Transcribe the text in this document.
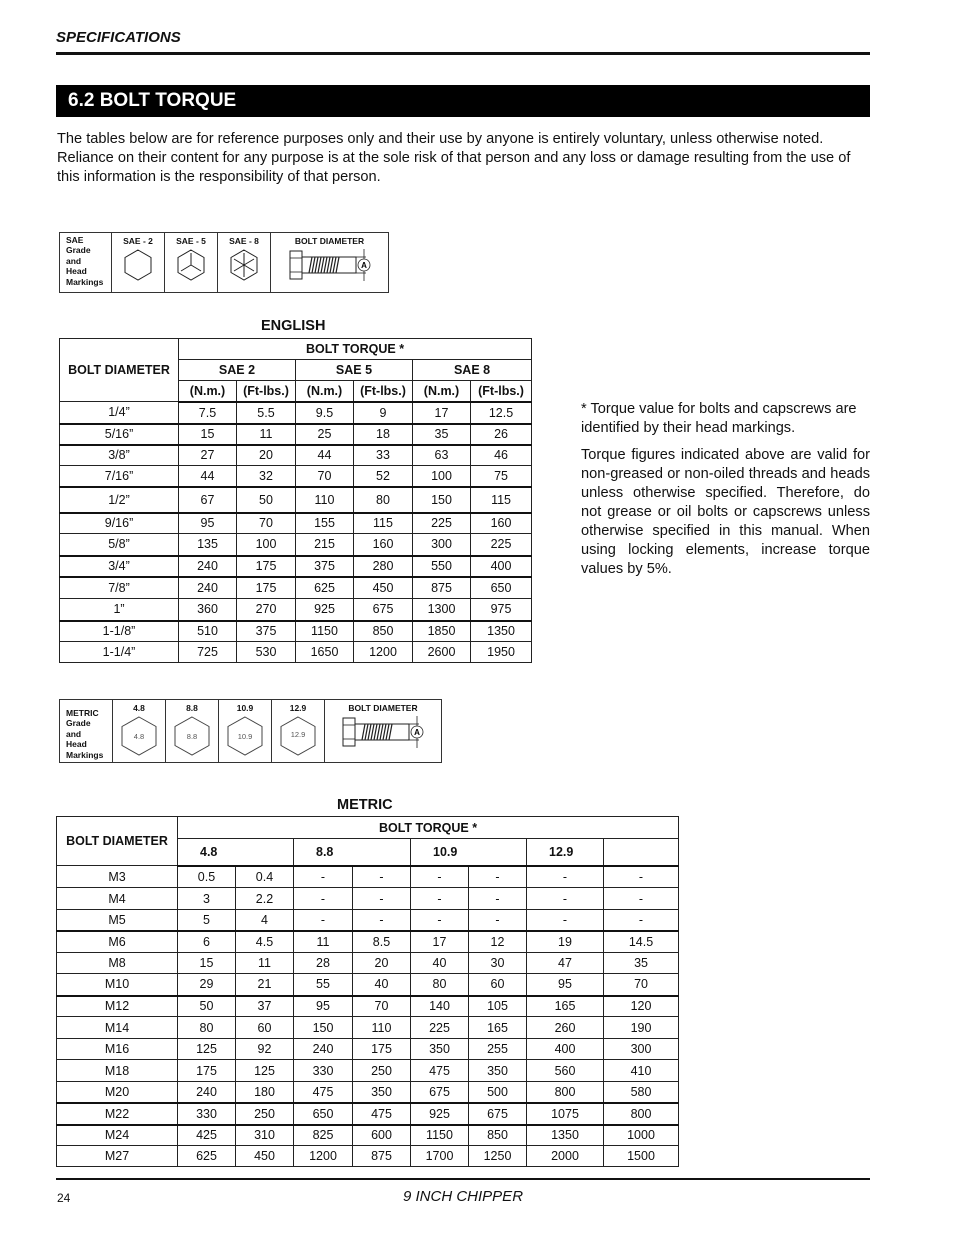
SPECIFICATIONS
6.2 BOLT TORQUE
The tables below are for reference purposes only and their use by anyone is entirely voluntary, unless otherwise noted. Reliance on their content for any purpose is at the sole risk of that person and any loss or damage resulting from the use of this information is the responsibility of that person.
SAE
Grade
and
Head
Markings

SAE - 2	SAE - 5	SAE - 8	BOLT DIAMETER
A
ENGLISH
BOLT DIAMETER	BOLT TORQUE *					
	SAE 2		SAE 5		SAE 8	
	(N.m.)	(Ft-lbs.)	(N.m.)	(Ft-lbs.)	(N.m.)	(Ft-lbs.)
1/4”	7.5	5.5	9.5	9	17	12.5
5/16”	15	11	25	18	35	26
3/8”	27	20	44	33	63	46
7/16”	44	32	70	52	100	75
1/2”	67	50	110	80	150	115
9/16”	95	70	155	115	225	160
5/8”	135	100	215	160	300	225
3/4”	240	175	375	280	550	400
7/8”	240	175	625	450	875	650
1”	360	270	925	675	1300	975
1-1/8”	510	375	1150	850	1850	1350
1-1/4”	725	530	1650	1200	2600	1950

* Torque value for bolts and capscrews are identified by their head markings.

Torque figures indicated above are valid for non-greased or non-oiled threads and heads unless otherwise specified. Therefore, do not grease or oil bolts or capscrews unless otherwise specified in this manual. When using locking elements, increase torque values by 5%.

METRIC
Grade
and
Head
Markings

4.8
4.8

8.8
8.8

10.9
10.9

12.9
12.9

BOLT DIAMETER
A
METRIC
BOLT DIAMETER	BOLT TORQUE *							
	4.8		8.8		10.9		12.9	
M3	0.5	0.4	-	-	-	-	-	-
M4	3	2.2	-	-	-	-	-	-
M5	5	4	-	-	-	-	-	-
M6	6	4.5	11	8.5	17	12	19	14.5
M8	15	11	28	20	40	30	47	35
M10	29	21	55	40	80	60	95	70
M12	50	37	95	70	140	105	165	120
M14	80	60	150	110	225	165	260	190
M16	125	92	240	175	350	255	400	300
M18	175	125	330	250	475	350	560	410
M20	240	180	475	350	675	500	800	580
M22	330	250	650	475	925	675	1075	800
M24	425	310	825	600	1150	850	1350	1000
M27	625	450	1200	875	1700	1250	2000	1500
24	9 INCH CHIPPER
